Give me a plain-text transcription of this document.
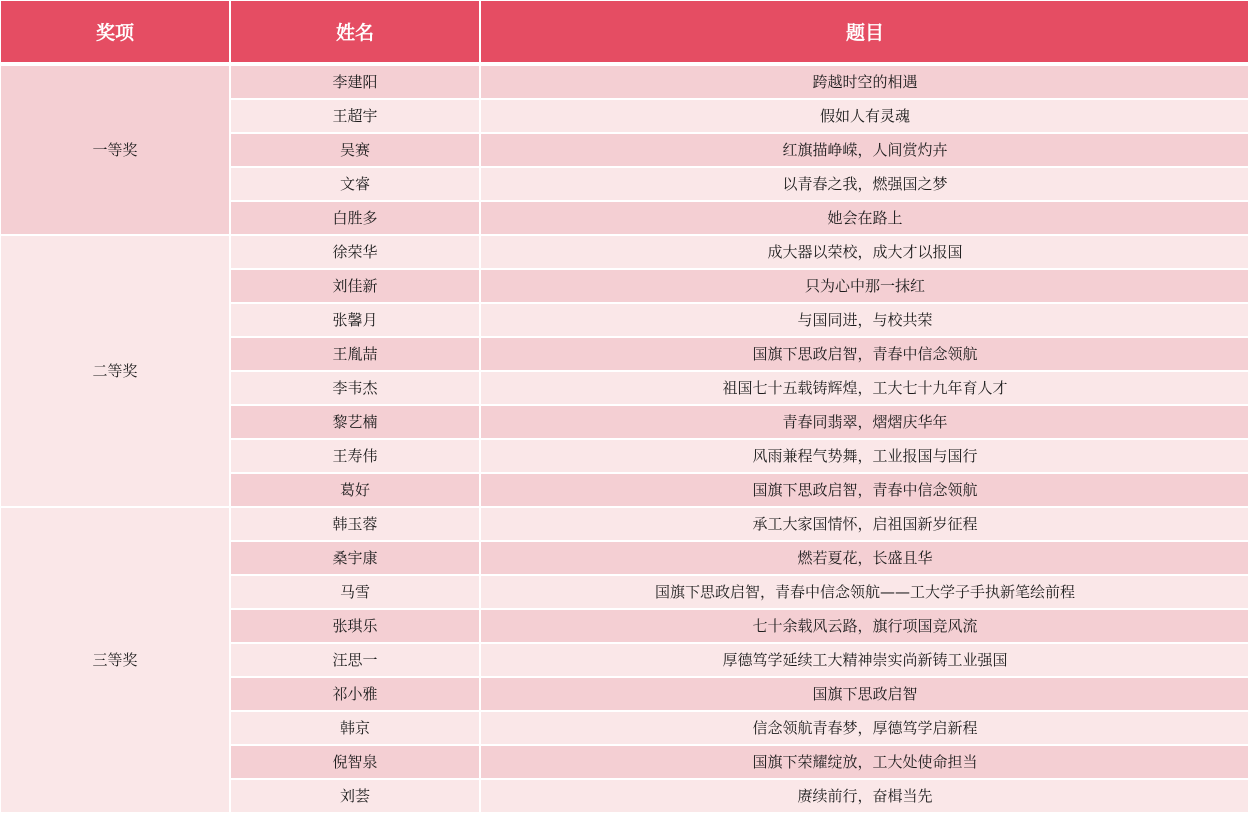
奖项	姓名	题目
一等奖	李建阳	跨越时空的相遇
	王超宇	假如人有灵魂
	吴赛	红旗描峥嵘，人间赏灼卉
	文睿	以青春之我，燃强国之梦
	白胜多	她会在路上
二等奖	徐荣华	成大器以荣校，成大才以报国
	刘佳新	只为心中那一抹红
	张馨月	与国同进，与校共荣
	王胤喆	国旗下思政启智，青春中信念领航
	李韦杰	祖国七十五载铸辉煌，工大七十九年育人才
	黎艺楠	青春同翡翠，熠熠庆华年
	王寿伟	风雨兼程气势舞，工业报国与国行
	葛好	国旗下思政启智，青春中信念领航
三等奖	韩玉蓉	承工大家国情怀，启祖国新岁征程
	桑宇康	燃若夏花，长盛且华
	马雪	国旗下思政启智，青春中信念领航——工大学子手执新笔绘前程
	张琪乐	七十余载风云路，旗行项国竞风流
	汪思一	厚德笃学延续工大精神崇实尚新铸工业强国
	祁小雅	国旗下思政启智
	韩京	信念领航青春梦，厚德笃学启新程
	倪智泉	国旗下荣耀绽放，工大处使命担当
	刘荟	赓续前行，奋楫当先
